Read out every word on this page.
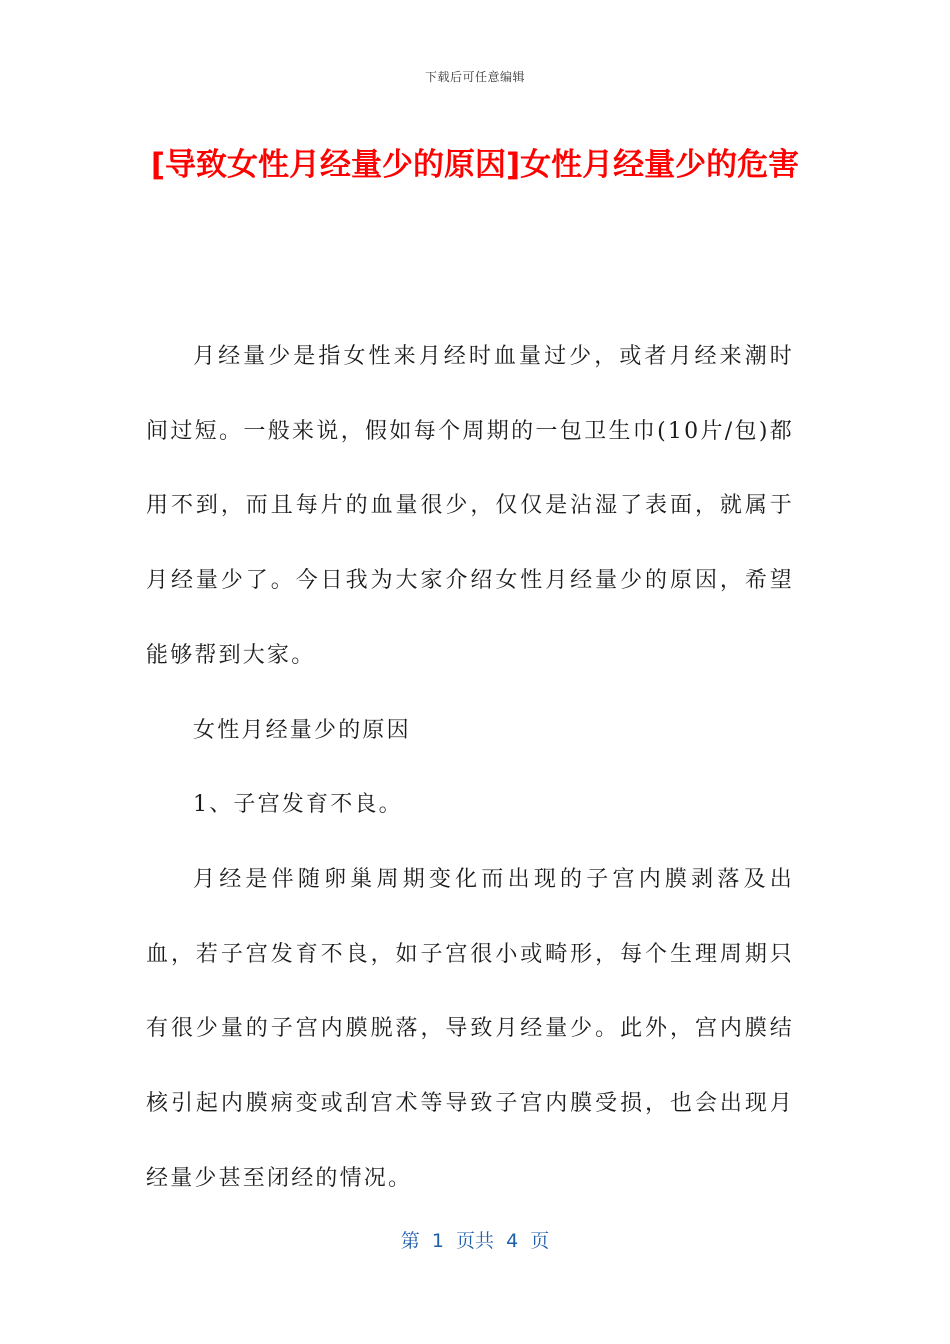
下载后可任意编辑
[导致女性月经量少的原因]女性月经量少的危害

月经量少是指女性来月经时血量过少，或者月经来潮时间过短。一般来说，假如每个周期的一包卫生巾(10片/包)都用不到，而且每片的血量很少，仅仅是沾湿了表面，就属于月经量少了。今日我为大家介绍女性月经量少的原因，希望能够帮到大家。

女性月经量少的原因

1、子宫发育不良。

月经是伴随卵巢周期变化而出现的子宫内膜剥落及出血，若子宫发育不良，如子宫很小或畸形，每个生理周期只有很少量的子宫内膜脱落，导致月经量少。此外，宫内膜结核引起内膜病变或刮宫术等导致子宫内膜受损，也会出现月经量少甚至闭经的情况。

第  1  页共  4  页
